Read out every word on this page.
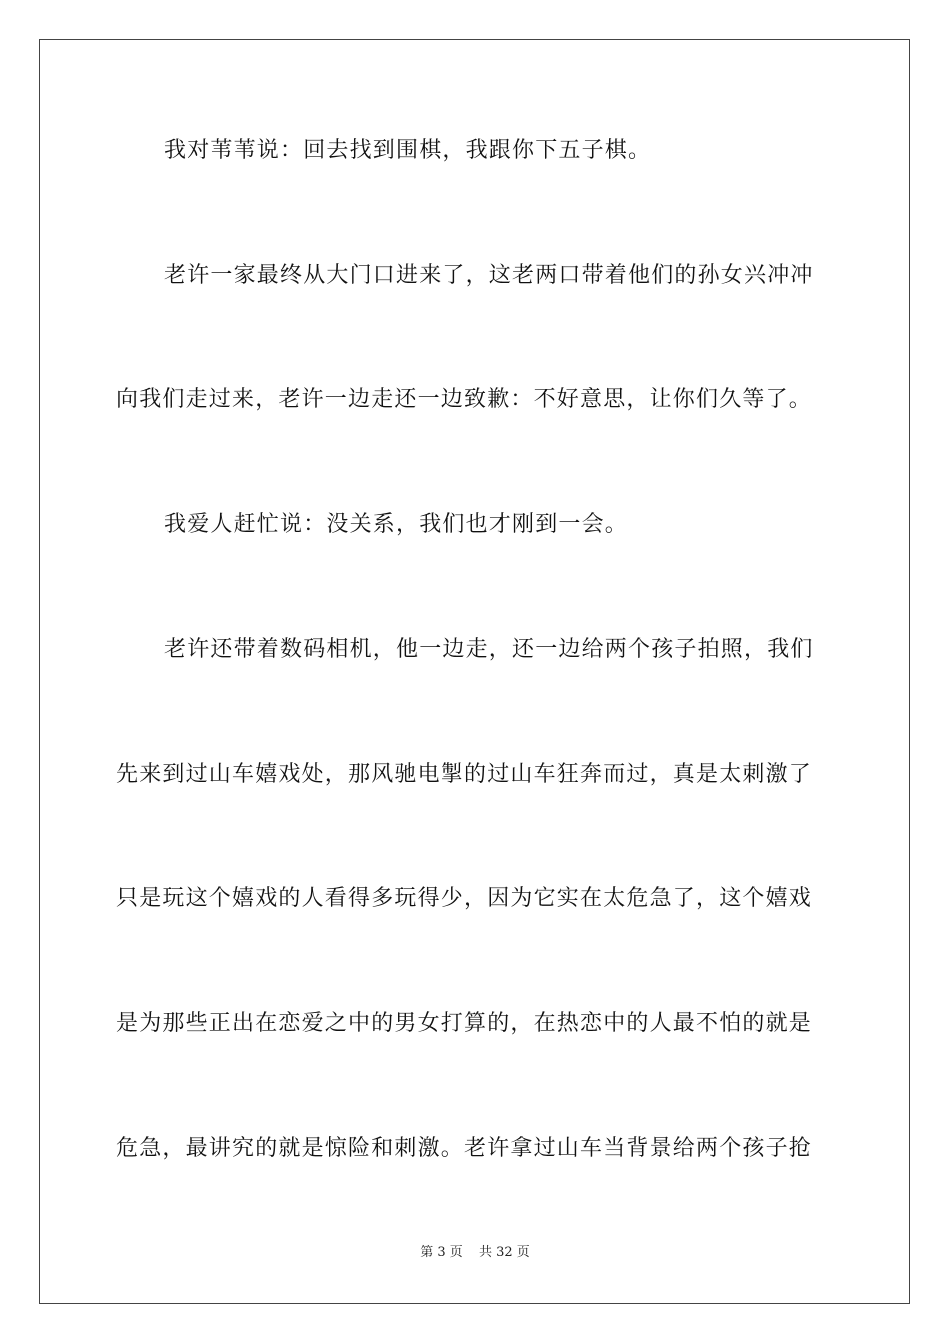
我对苇苇说：回去找到围棋，我跟你下五子棋。
老许一家最终从大门口进来了，这老两口带着他们的孙女兴冲冲
向我们走过来，老许一边走还一边致歉：不好意思，让你们久等了。
我爱人赶忙说：没关系，我们也才刚到一会。
老许还带着数码相机，他一边走，还一边给两个孩子拍照，我们
先来到过山车嬉戏处，那风驰电掣的过山车狂奔而过，真是太刺激了
只是玩这个嬉戏的人看得多玩得少，因为它实在太危急了，这个嬉戏
是为那些正出在恋爱之中的男女打算的，在热恋中的人最不怕的就是
危急，最讲究的就是惊险和刺激。老许拿过山车当背景给两个孩子抢
第 3 页 共 32 页
